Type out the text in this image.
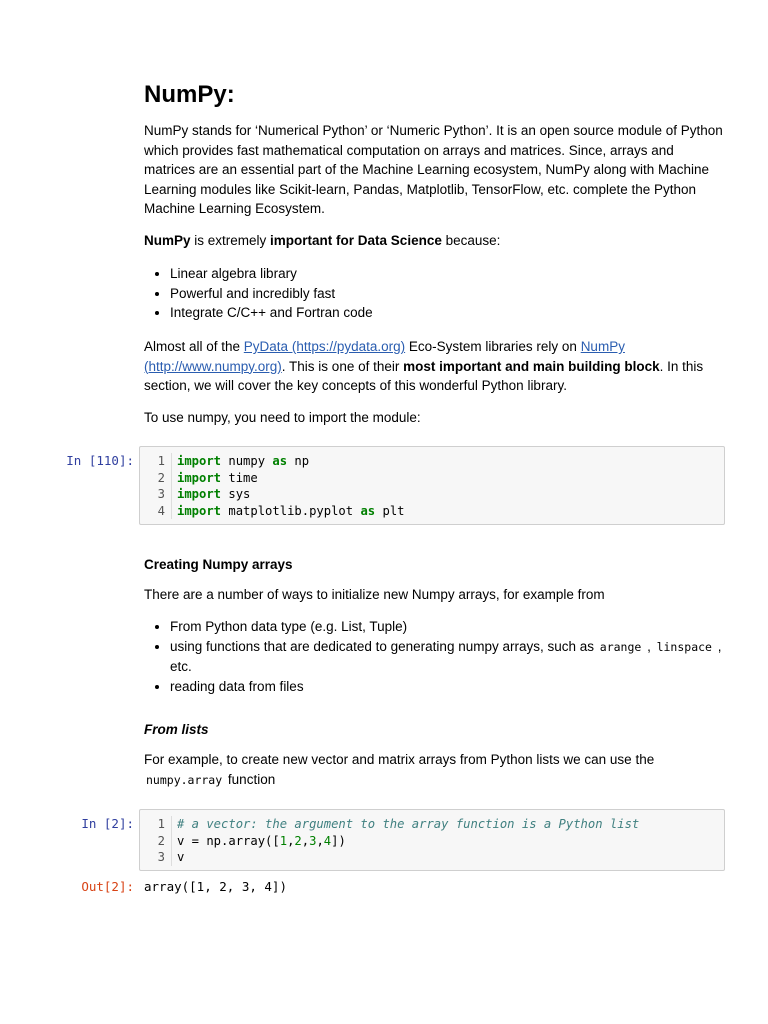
NumPy:

NumPy stands for ‘Numerical Python’ or ‘Numeric Python’. It is an open source module of Python which provides fast mathematical computation on arrays and matrices. Since, arrays and matrices are an essential part of the Machine Learning ecosystem, NumPy along with Machine Learning modules like Scikit-learn, Pandas, Matplotlib, TensorFlow, etc. complete the Python Machine Learning Ecosystem.

NumPy is extremely important for Data Science because:

• Linear algebra library
• Powerful and incredibly fast
• Integrate C/C++ and Fortran code

Almost all of the PyData (https://pydata.org) Eco-System libraries rely on NumPy (http://www.numpy.org). This is one of their most important and main building block. In this section, we will cover the key concepts of this wonderful Python library.

To use numpy, you need to import the module:

In [110]:	1
2
3
4
import numpy as np
import time
import sys
import matplotlib.pyplot as plt
Creating Numpy arrays

There are a number of ways to initialize new Numpy arrays, for example from

• From Python data type (e.g. List, Tuple)
• using functions that are dedicated to generating numpy arrays, such as arange , linspace , etc.
• reading data from files
From lists

For example, to create new vector and matrix arrays from Python lists we can use the
numpy.array function

In [2]:	1
2
3
# a vector: the argument to the array function is a Python list
v = np.array([1,2,3,4])
v
Out[2]: array([1, 2, 3, 4])
